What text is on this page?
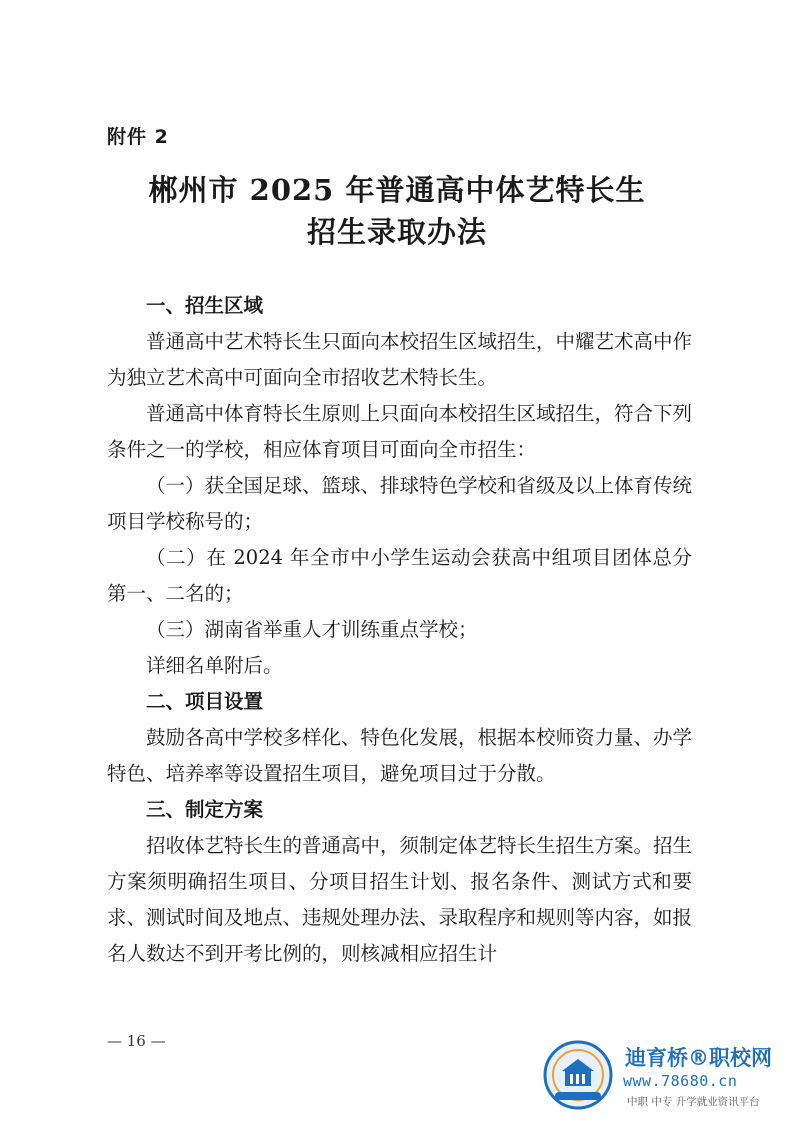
附件 2
郴州市 2025 年普通高中体艺特长生
招生录取办法
一、招生区域
普通高中艺术特长生只面向本校招生区域招生，中耀艺术高中作为独立艺术高中可面向全市招收艺术特长生。
普通高中体育特长生原则上只面向本校招生区域招生，符合下列条件之一的学校，相应体育项目可面向全市招生：
（一）获全国足球、篮球、排球特色学校和省级及以上体育传统项目学校称号的；
（二）在 2024 年全市中小学生运动会获高中组项目团体总分第一、二名的；
（三）湖南省举重人才训练重点学校；
详细名单附后。
二、项目设置
鼓励各高中学校多样化、特色化发展，根据本校师资力量、办学特色、培养率等设置招生项目，避免项目过于分散。
三、制定方案
招收体艺特长生的普通高中，须制定体艺特长生招生方案。招生方案须明确招生项目、分项目招生计划、报名条件、测试方式和要求、测试时间及地点、违规处理办法、录取程序和规则等内容，如报名人数达不到开考比例的，则核减相应招生计
— 16 —
迪育桥®职校网
www.78680.cn
中职 中专 升学就业资讯平台
